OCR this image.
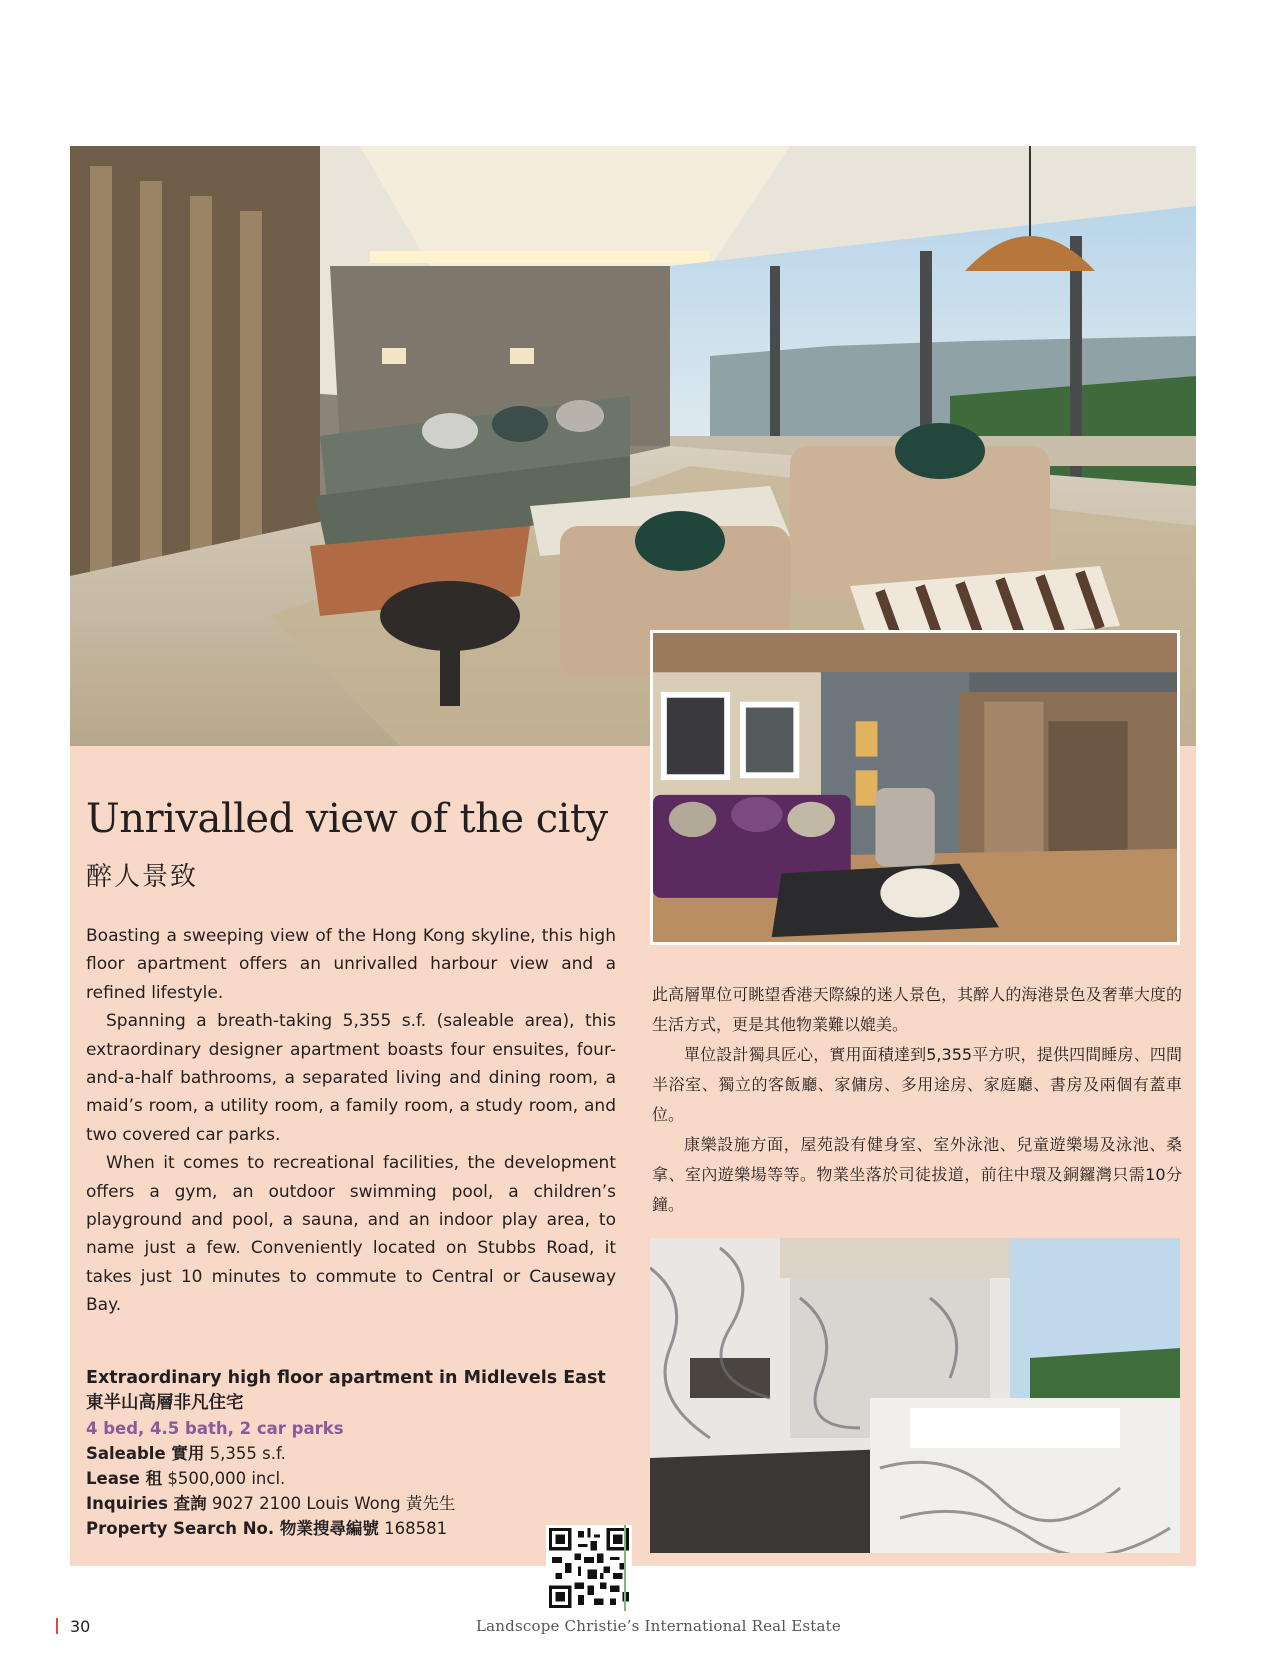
Unrivalled view of the city
醉人景致

Boasting a sweeping view of the Hong Kong skyline, this high floor apartment offers an unrivalled harbour view and a refined lifestyle.

Spanning a breath-taking 5,355 s.f. (saleable area), this extraordinary designer apartment boasts four ensuites, four-and-a-half bathrooms, a separated living and dining room, a maid’s room, a utility room, a family room, a study room, and two covered car parks.

When it comes to recreational facilities, the development offers a gym, an outdoor swimming pool, a children’s playground and pool, a sauna, and an indoor play area, to name just a few. Conveniently located on Stubbs Road, it takes just 10 minutes to commute to Central or Causeway Bay.

此高層單位可眺望香港天際線的迷人景色，其醉人的海港景色及奢華大度的生活方式，更是其他物業難以媲美。

單位設計獨具匠心，實用面積達到5,355平方呎，提供四間睡房、四間半浴室、獨立的客飯廳、家傭房、多用途房、家庭廳、書房及兩個有蓋車位。

康樂設施方面，屋苑設有健身室、室外泳池、兒童遊樂場及泳池、桑拿、室內遊樂場等等。物業坐落於司徒拔道，前往中環及銅鑼灣只需10分鐘。

Extraordinary high floor apartment in Midlevels East
東半山高層非凡住宅
4 bed, 4.5 bath, 2 car parks
Saleable 實用 5,355 s.f.
Lease 租 $500,000 incl.
Inquiries 查詢 9027 2100 Louis Wong 黃先生
Property Search No. 物業搜尋編號 168581
30	Landscope Christie’s International Real Estate
